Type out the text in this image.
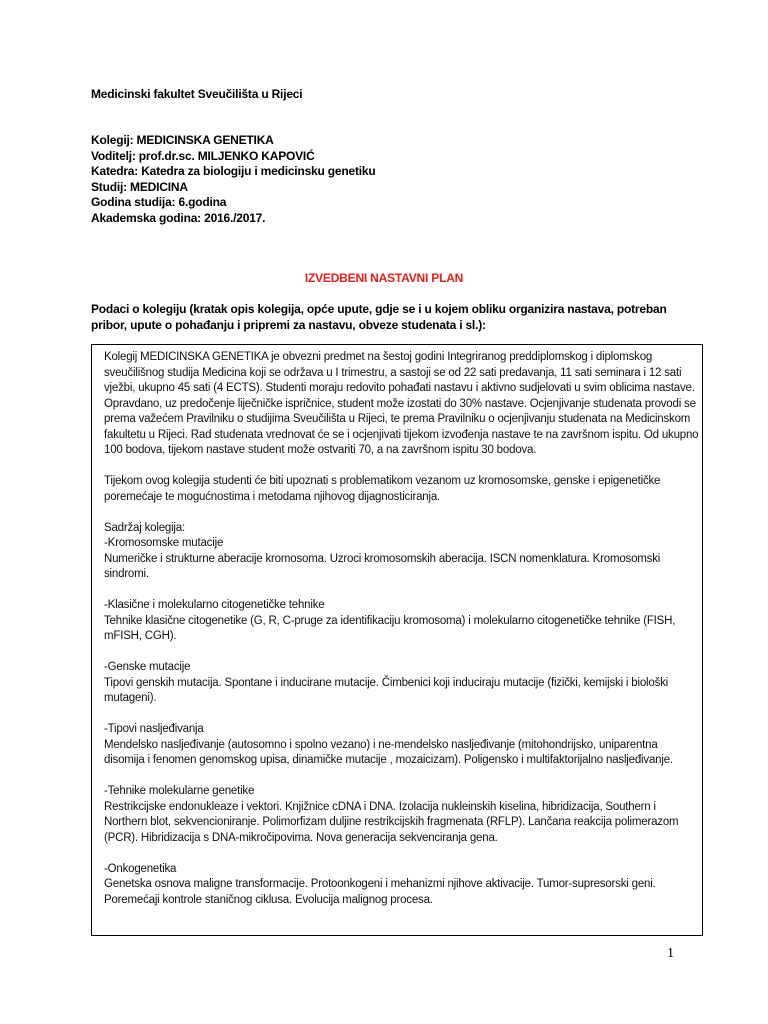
Medicinski fakultet Sveučilišta u Rijeci
Kolegij: MEDICINSKA GENETIKA
Voditelj: prof.dr.sc. MILJENKO KAPOVIĆ
Katedra: Katedra za biologiju i medicinsku genetiku
Studij: MEDICINA
Godina studija: 6.godina
Akademska godina: 2016./2017.
IZVEDBENI NASTAVNI PLAN
Podaci o kolegiju (kratak opis kolegija, opće upute, gdje se i u kojem obliku organizira nastava, potreban pribor, upute o pohađanju i pripremi za nastavu, obveze studenata i sl.):

Kolegij MEDICINSKA GENETIKA je obvezni predmet na šestoj godini Integriranog preddiplomskog i diplomskog sveučilišnog studija Medicina koji se održava u I trimestru, a sastoji se od 22 sati predavanja, 11 sati seminara i 12 sati vježbi, ukupno 45 sati (4 ECTS). Studenti moraju redovito pohađati nastavu i aktivno sudjelovati u svim oblicima nastave. Opravdano, uz predočenje liječničke ispričnice, student može izostati do 30% nastave. Ocjenjivanje studenata provodi se prema važećem Pravilniku o studijima Sveučilišta u Rijeci, te prema Pravilniku o ocjenjivanju studenata na Medicinskom fakultetu u Rijeci. Rad studenata vrednovat će se i ocjenjivati tijekom izvođenja nastave te na završnom ispitu. Od ukupno 100 bodova, tijekom nastave student može ostvariti 70, a na završnom ispitu 30 bodova.

Tijekom ovog kolegija studenti će biti upoznati s problematikom vezanom uz kromosomske, genske i epigenetičke poremećaje te mogućnostima i metodama njihovog dijagnosticiranja.

Sadržaj kolegija:

-Kromosomske mutacije

Numeričke i strukturne aberacije kromosoma. Uzroci kromosomskih aberacija. ISCN nomenklatura. Kromosomski sindromi.

-Klasične i molekularno citogenetičke tehnike

Tehnike klasične citogenetike (G, R, C-pruge za identifikaciju kromosoma) i molekularno citogenetičke tehnike (FISH, mFISH, CGH).

-Genske mutacije

Tipovi genskih mutacija. Spontane i inducirane mutacije. Čimbenici koji induciraju mutacije (fizički, kemijski i biološki mutageni).

-Tipovi nasljeđivanja

Mendelsko nasljeđivanje (autosomno i spolno vezano) i ne-mendelsko nasljeđivanje (mitohondrijsko, uniparentna disomija i fenomen genomskog upisa, dinamičke mutacije , mozaicizam). Poligensko i multifaktorijalno nasljeđivanje.

-Tehnike molekularne genetike

Restrikcijske endonukleaze i vektori. Knjižnice cDNA i DNA. Izolacija nukleinskih kiselina, hibridizacija, Southern i Northern blot, sekvencioniranje. Polimorfizam duljine restrikcijskih fragmenata (RFLP). Lančana reakcija polimerazom (PCR). Hibridizacija s DNA-mikročipovima. Nova generacija sekvenciranja gena.

-Onkogenetika

Genetska osnova maligne transformacije. Protoonkogeni i mehanizmi njihove aktivacije. Tumor-supresorski geni. Poremećaji kontrole staničnog ciklusa. Evolucija malignog procesa.

1
